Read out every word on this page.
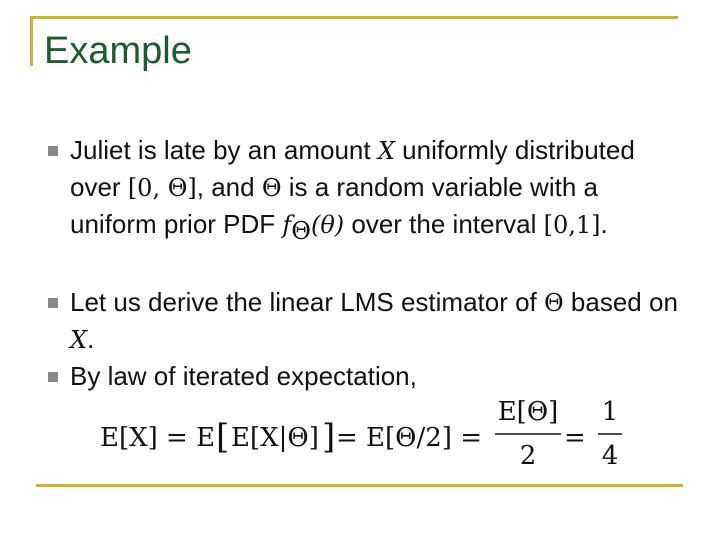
Example
Juliet is late by an amount X uniformly distributed over [0, Θ], and Θ is a random variable with a uniform prior PDF $f_\Theta(\theta)$ over the interval [0,1].
Let us derive the linear LMS estimator of Θ based on X.
By law of iterated expectation,
E[X] = E [ E[X|Θ] ] = E[Θ/2] =
E[Θ]
2
=
1
4
